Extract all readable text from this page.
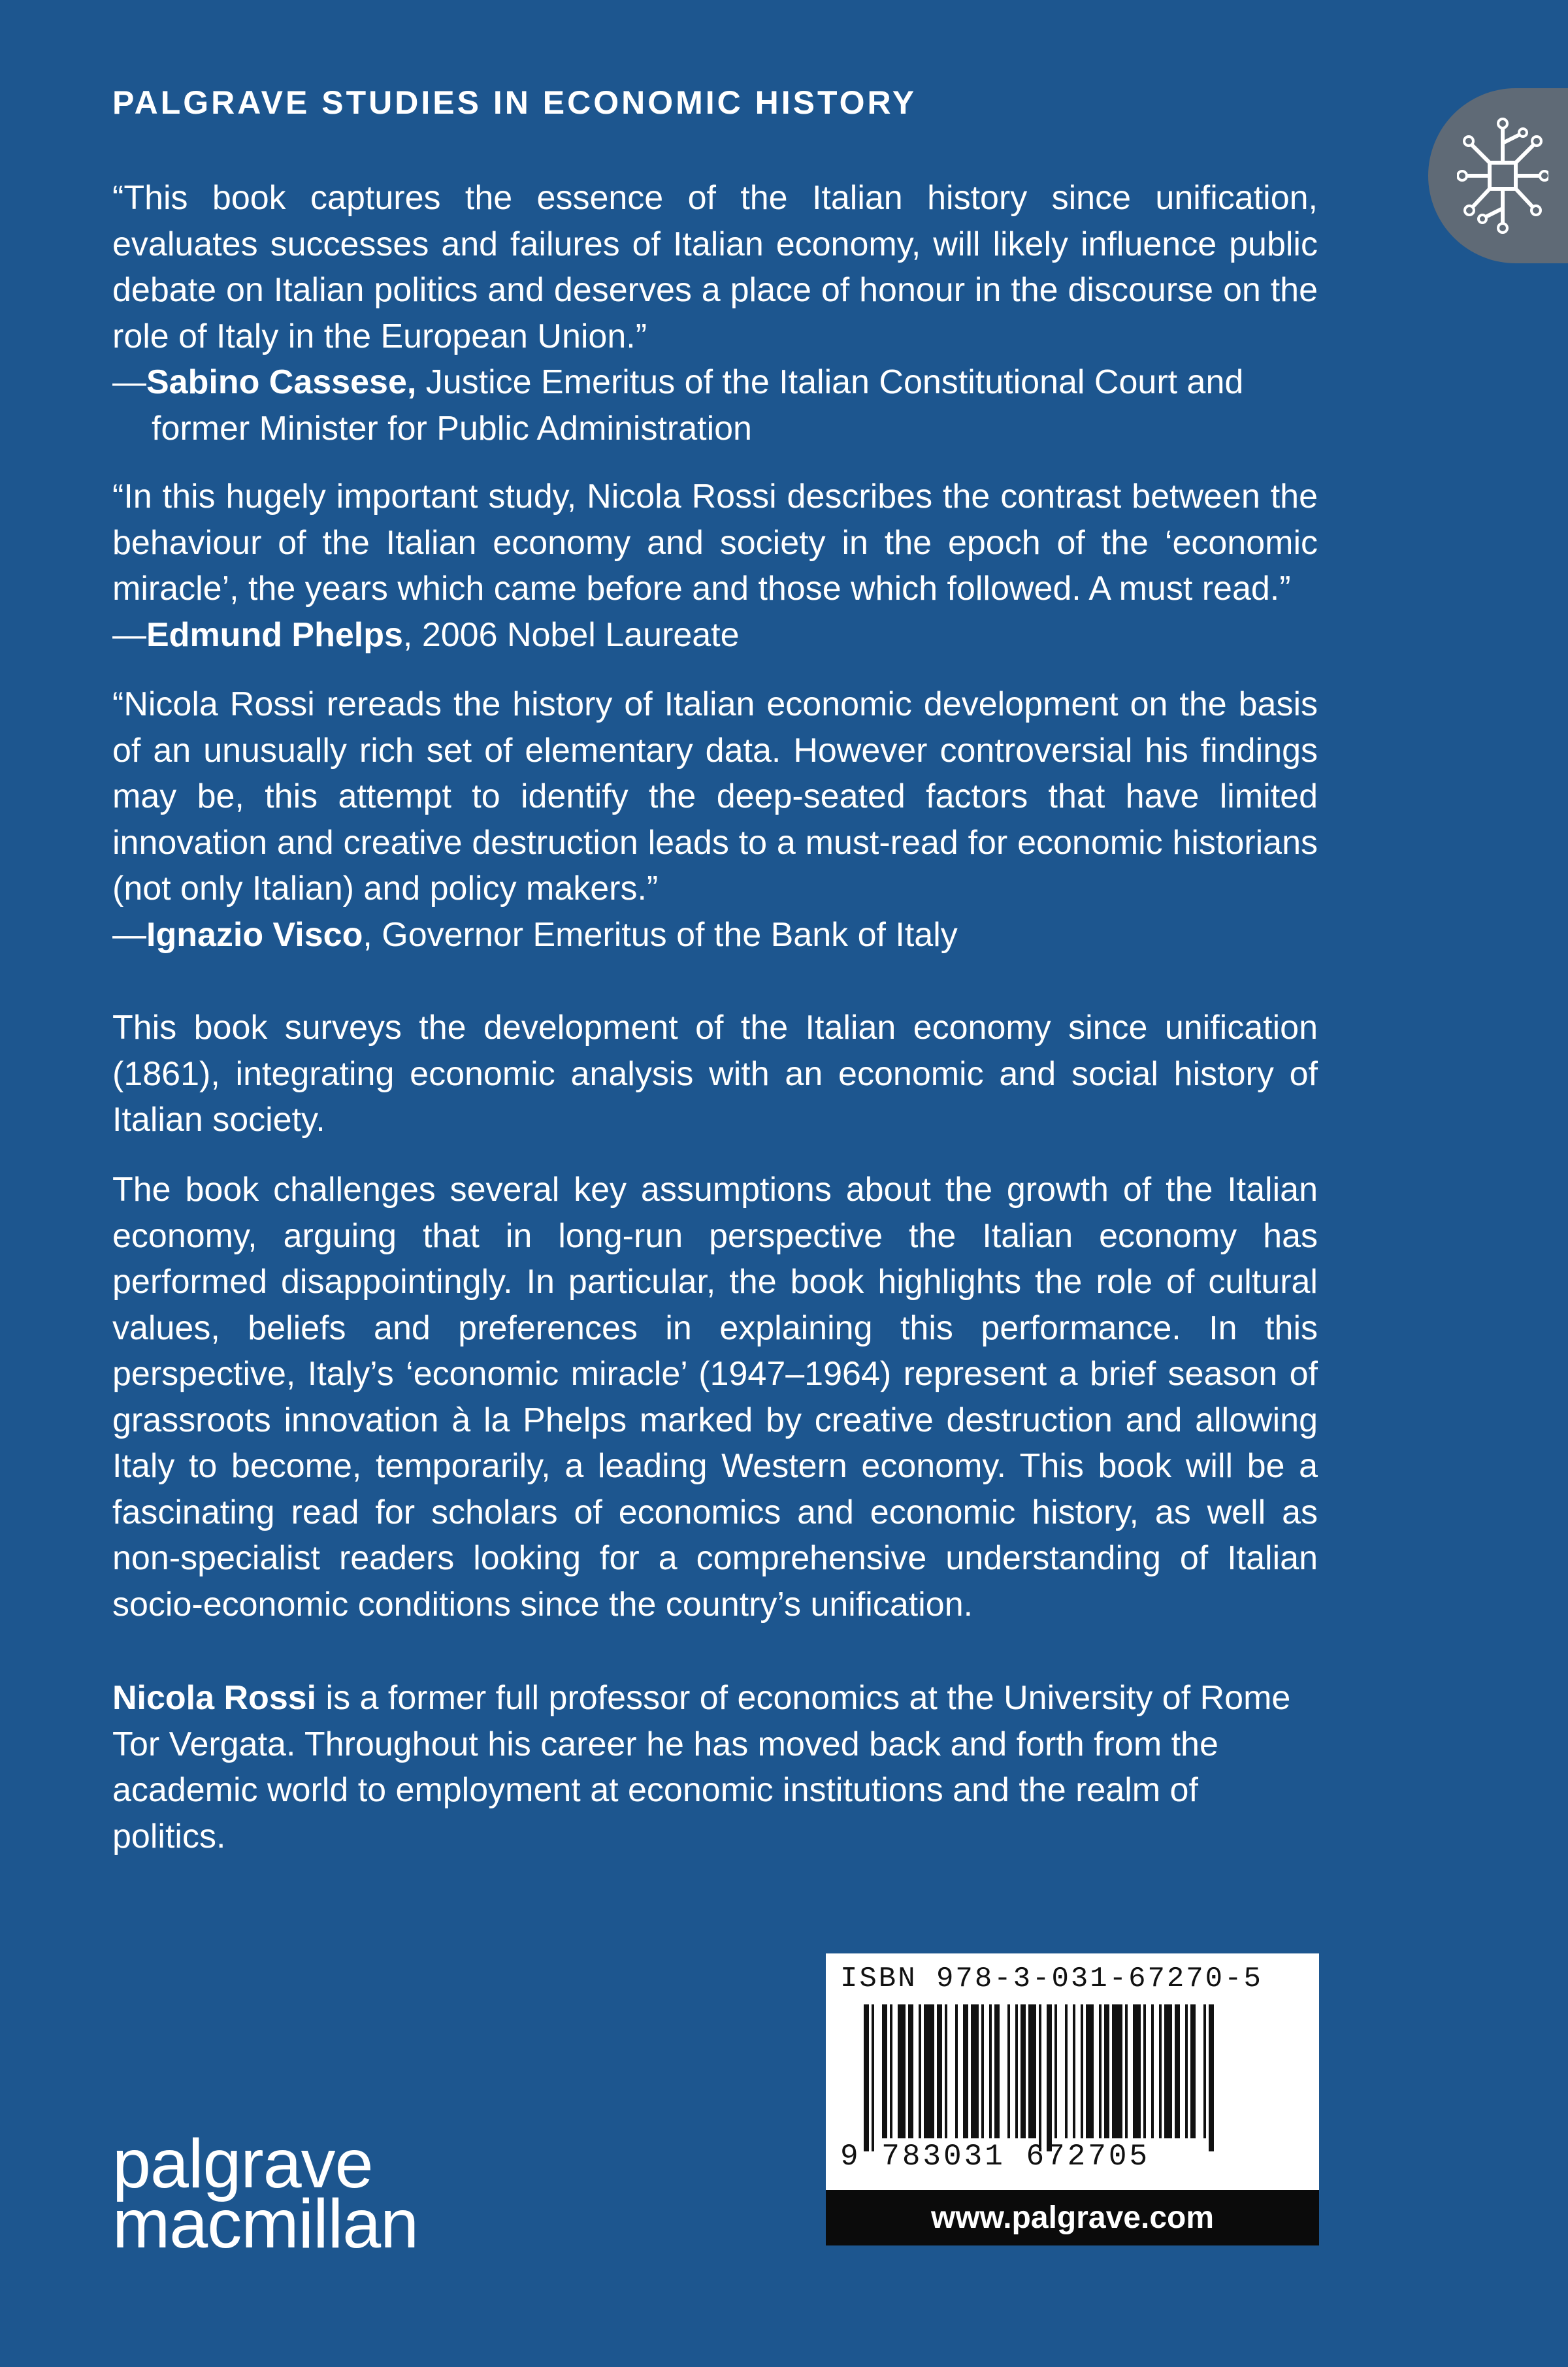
PALGRAVE STUDIES IN ECONOMIC HISTORY

“This book captures the essence of the Italian history since unification, evaluates successes and failures of Italian economy, will likely influence public debate on Italian politics and deserves a place of honour in the discourse on the role of Italy in the European Union.”

—Sabino Cassese, Justice Emeritus of the Italian Constitutional Court and former Minister for Public Administration

“In this hugely important study, Nicola Rossi describes the contrast between the behaviour of the Italian economy and society in the epoch of the ‘economic miracle’, the years which came before and those which followed. A must read.”

—Edmund Phelps, 2006 Nobel Laureate

“Nicola Rossi rereads the history of Italian economic development on the basis of an unusually rich set of elementary data. However controversial his findings may be, this attempt to identify the deep-seated factors that have limited innovation and creative destruction leads to a must-read for economic historians (not only Italian) and policy makers.”

—Ignazio Visco, Governor Emeritus of the Bank of Italy

This book surveys the development of the Italian economy since unification (1861), integrating economic analysis with an economic and social history of Italian society.
The book challenges several key assumptions about the growth of the Italian economy, arguing that in long-run perspective the Italian economy has performed disappointingly. In particular, the book highlights the role of cultural values, beliefs and preferences in explaining this performance. In this perspective, Italy’s ‘economic miracle’ (1947–1964) represent a brief season of grassroots innovation à la Phelps marked by creative destruction and allowing Italy to become, temporarily, a leading Western economy. This book will be a fascinating read for scholars of economics and economic history, as well as non-specialist readers looking for a comprehensive understanding of Italian socio-economic conditions since the country’s unification.
Nicola Rossi is a former full professor of economics at the University of Rome Tor Vergata. Throughout his career he has moved back and forth from the academic world to employment at economic institutions and the realm of politics.
palgrave
macmillan
ISBN 978-3-031-67270-5
9 783031 672705
www.palgrave.com
